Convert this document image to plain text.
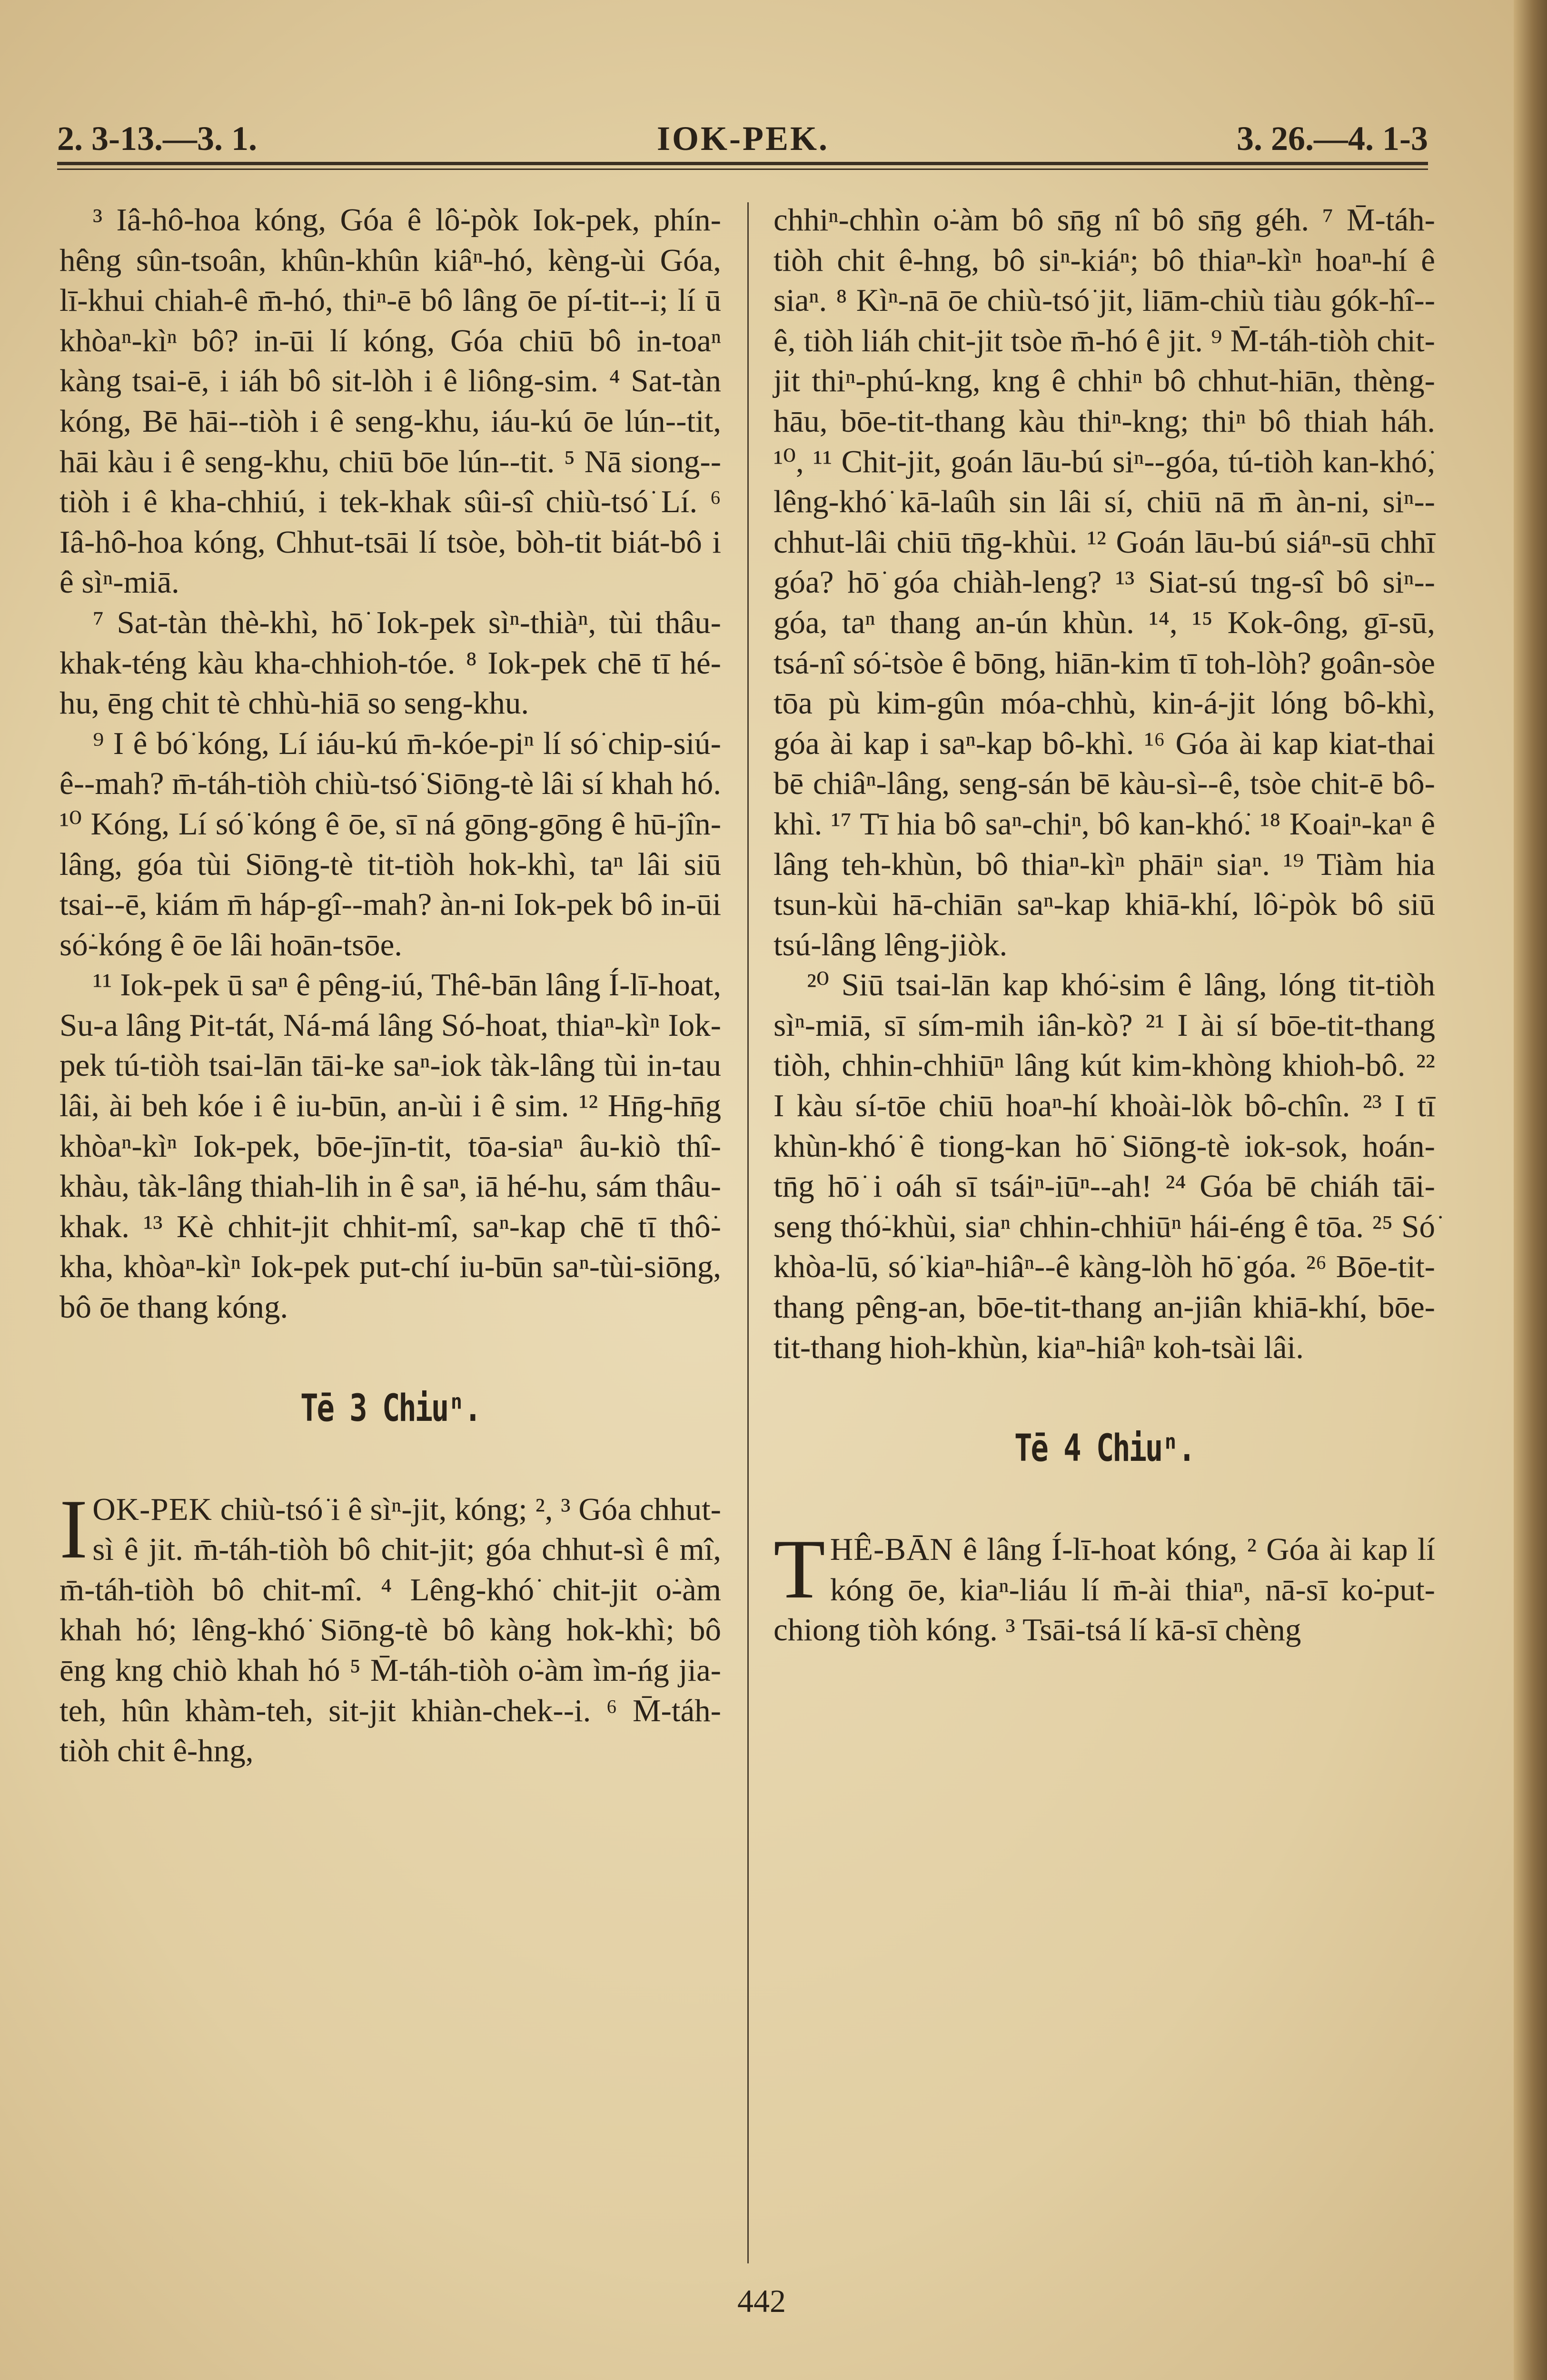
2. 3-13.—3. 1.	IOK-PEK.	3. 26.—4. 1-3

³ Iâ-hô-hoa kóng, Góa ê lô͘-pòk Iok-pek, phín-hêng sûn-tsoân, khûn-khûn kiâⁿ-hó, kèng-ùi Góa, lī-khui chiah-ê m̄-hó, thiⁿ-ē bô lâng ōe pí-tit--i; lí ū khòaⁿ-kìⁿ bô? in-ūi lí kóng, Góa chiū bô in-toaⁿ kàng tsai-ē, i iáh bô sit-lòh i ê liông-sim. ⁴ Sat-tàn kóng, Bē hāi--tiòh i ê seng-khu, iáu-kú ōe lún--tit, hāi kàu i ê seng-khu, chiū bōe lún--tit. ⁵ Nā siong--tiòh i ê kha-chhiú, i tek-khak sûi-sî chiù-tsó͘ Lí. ⁶ Iâ-hô-hoa kóng, Chhut-tsāi lí tsòe, bòh-tit biát-bô i ê sìⁿ-miā.

⁷ Sat-tàn thè-khì, hō͘ Iok-pek sìⁿ-thiàⁿ, tùi thâu-khak-téng kàu kha-chhioh-tóe. ⁸ Iok-pek chē tī hé-hu, ēng chit tè chhù-hiā so seng-khu.

⁹ I ê bó͘ kóng, Lí iáu-kú m̄-kóe-piⁿ lí só͘ chip-siú-ê--mah? m̄-táh-tiòh chiù-tsó͘ Siōng-tè lâi sí khah hó. ¹⁰ Kóng, Lí só͘ kóng ê ōe, sī ná gōng-gōng ê hū-jîn-lâng, góa tùi Siōng-tè tit-tiòh hok-khì, taⁿ lâi siū tsai--ē, kiám m̄ háp-gî--mah? àn-ni Iok-pek bô in-ūi só͘-kóng ê ōe lâi hoān-tsōe.

¹¹ Iok-pek ū saⁿ ê pêng-iú, Thê-bān lâng Í-lī-hoat, Su-a lâng Pit-tát, Ná-má lâng Só-hoat, thiaⁿ-kìⁿ Iok-pek tú-tiòh tsai-lān tāi-ke saⁿ-iok tàk-lâng tùi in-tau lâi, ài beh kóe i ê iu-būn, an-ùi i ê sim. ¹² Hn̄g-hn̄g khòaⁿ-kìⁿ Iok-pek, bōe-jīn-tit, tōa-siaⁿ âu-kiò thî-khàu, tàk-lâng thiah-lih in ê saⁿ, iā hé-hu, sám thâu-khak. ¹³ Kè chhit-jit chhit-mî, saⁿ-kap chē tī thô͘-kha, khòaⁿ-kìⁿ Iok-pek put-chí iu-būn saⁿ-tùi-siōng, bô ōe thang kóng.

Tē 3 Chiuⁿ.

IOK-PEK chiù-tsó͘ i ê sìⁿ-jit, kóng; ², ³ Góa chhut-sì ê jit. m̄-táh-tiòh bô chit-jit; góa chhut-sì ê mî, m̄-táh-tiòh bô chit-mî. ⁴ Lêng-khó͘ chit-jit o͘-àm khah hó; lêng-khó͘ Siōng-tè bô kàng hok-khì; bô ēng kng chiò khah hó ⁵ M̄-táh-tiòh o͘-àm ìm-ńg jia-teh, hûn khàm-teh, sit-jit khiàn-chek--i. ⁶ M̄-táh-tiòh chit ê-hng,

chhiⁿ-chhìn o͘-àm bô sn̄g nî bô sn̄g géh. ⁷ M̄-táh-tiòh chit ê-hng, bô siⁿ-kiáⁿ; bô thiaⁿ-kìⁿ hoaⁿ-hí ê siaⁿ. ⁸ Kìⁿ-nā ōe chiù-tsó͘ jit, liām-chiù tiàu gók-hî--ê, tiòh liáh chit-jit tsòe m̄-hó ê jit. ⁹ M̄-táh-tiòh chit-jit thiⁿ-phú-kng, kng ê chhiⁿ bô chhut-hiān, thèng-hāu, bōe-tit-thang kàu thiⁿ-kng; thiⁿ bô thiah háh. ¹⁰, ¹¹ Chit-jit, goán lāu-bú siⁿ--góa, tú-tiòh kan-khó͘, lêng-khó͘ kā-laûh sin lâi sí, chiū nā m̄ àn-ni, siⁿ--chhut-lâi chiū tn̄g-khùi. ¹² Goán lāu-bú siáⁿ-sū chhī góa? hō͘ góa chiàh-leng? ¹³ Siat-sú tng-sî bô siⁿ--góa, taⁿ thang an-ún khùn. ¹⁴, ¹⁵ Kok-ông, gī-sū, tsá-nî só͘-tsòe ê bōng, hiān-kim tī toh-lòh? goân-sòe tōa pù kim-gûn móa-chhù, kin-á-jit lóng bô-khì, góa ài kap i saⁿ-kap bô-khì. ¹⁶ Góa ài kap kiat-thai bē chiâⁿ-lâng, seng-sán bē kàu-sì--ê, tsòe chit-ē bô-khì. ¹⁷ Tī hia bô saⁿ-chiⁿ, bô kan-khó͘. ¹⁸ Koaiⁿ-kaⁿ ê lâng teh-khùn, bô thiaⁿ-kìⁿ phāiⁿ siaⁿ. ¹⁹ Tiàm hia tsun-kùi hā-chiān saⁿ-kap khiā-khí, lô͘-pòk bô siū tsú-lâng lêng-jiòk.

²⁰ Siū tsai-lān kap khó͘-sim ê lâng, lóng tit-tiòh sìⁿ-miā, sī sím-mih iân-kò͘? ²¹ I ài sí bōe-tit-thang tiòh, chhin-chhiūⁿ lâng kút kim-khòng khioh-bô. ²² I kàu sí-tōe chiū hoaⁿ-hí khoài-lòk bô-chîn. ²³ I tī khùn-khó͘ ê tiong-kan hō͘ Siōng-tè iok-sok, hoán-tn̄g hō͘ i oáh sī tsáiⁿ-iūⁿ--ah! ²⁴ Góa bē chiáh tāi-seng thó͘-khùi, siaⁿ chhin-chhiūⁿ hái-éng ê tōa. ²⁵ Só͘ khòa-lū, só͘ kiaⁿ-hiâⁿ--ê kàng-lòh hō͘ góa. ²⁶ Bōe-tit-thang pêng-an, bōe-tit-thang an-jiân khiā-khí, bōe-tit-thang hioh-khùn, kiaⁿ-hiâⁿ koh-tsài lâi.

Tē 4 Chiuⁿ.

THÊ-BĀN ê lâng Í-lī-hoat kóng, ² Góa ài kap lí kóng ōe, kiaⁿ-liáu lí m̄-ài thiaⁿ, nā-sī ko͘-put-chiong tiòh kóng. ³ Tsāi-tsá lí kā-sī chèng

442
